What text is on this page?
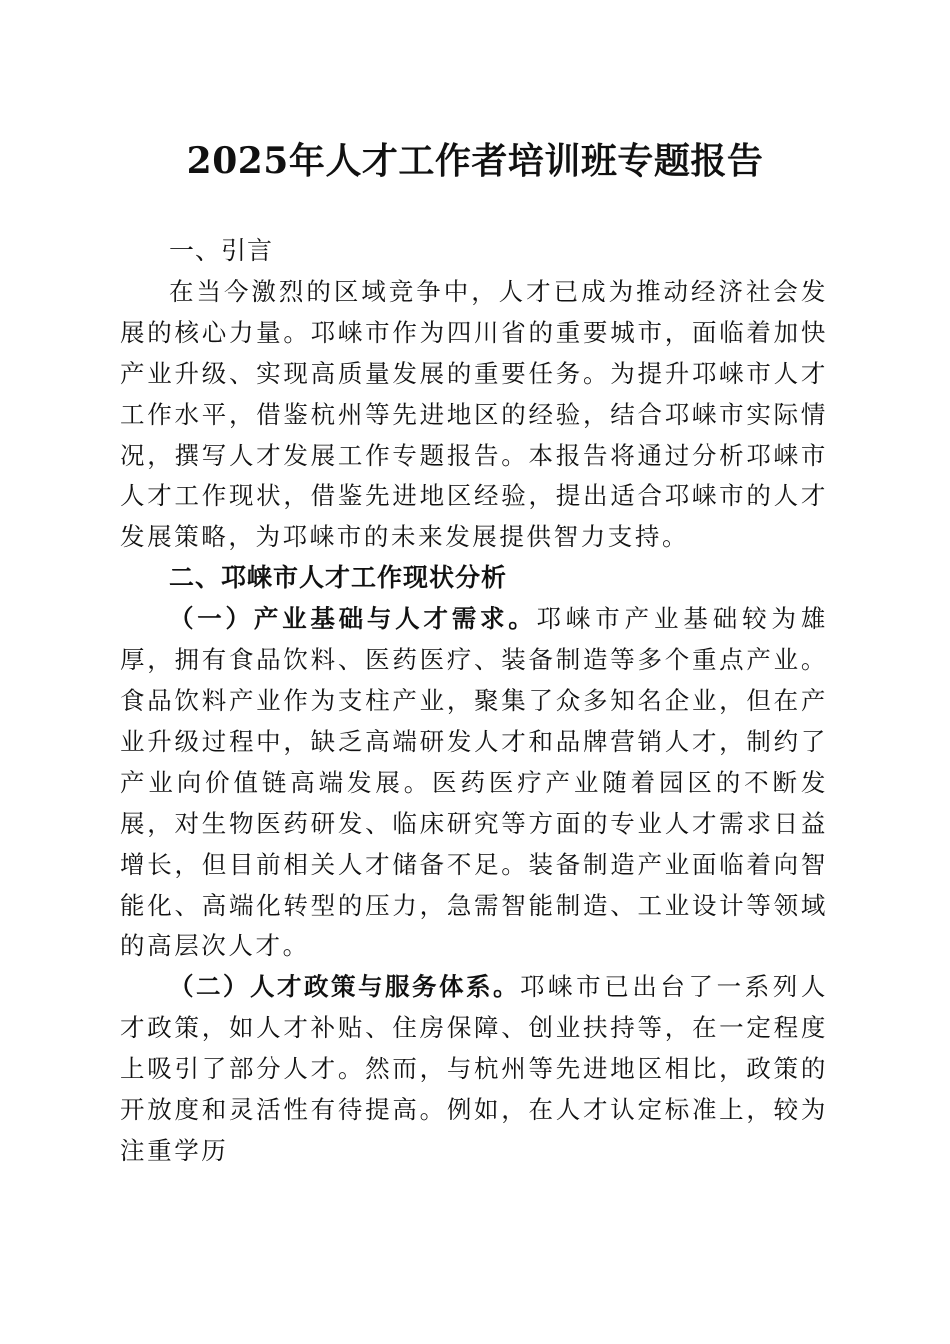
2025年人才工作者培训班专题报告

一、引言

在当今激烈的区域竞争中，人才已成为推动经济社会发展的核心力量。邛崃市作为四川省的重要城市，面临着加快产业升级、实现高质量发展的重要任务。为提升邛崃市人才工作水平，借鉴杭州等先进地区的经验，结合邛崃市实际情况，撰写人才发展工作专题报告。本报告将通过分析邛崃市人才工作现状，借鉴先进地区经验，提出适合邛崃市的人才发展策略，为邛崃市的未来发展提供智力支持。

二、邛崃市人才工作现状分析

（一）产业基础与人才需求。邛崃市产业基础较为雄厚，拥有食品饮料、医药医疗、装备制造等多个重点产业。食品饮料产业作为支柱产业，聚集了众多知名企业，但在产业升级过程中，缺乏高端研发人才和品牌营销人才，制约了产业向价值链高端发展。医药医疗产业随着园区的不断发展，对生物医药研发、临床研究等方面的专业人才需求日益增长，但目前相关人才储备不足。装备制造产业面临着向智能化、高端化转型的压力，急需智能制造、工业设计等领域的高层次人才。

（二）人才政策与服务体系。邛崃市已出台了一系列人才政策，如人才补贴、住房保障、创业扶持等，在一定程度上吸引了部分人才。然而，与杭州等先进地区相比，政策的开放度和灵活性有待提高。例如，在人才认定标准上，较为注重学历
